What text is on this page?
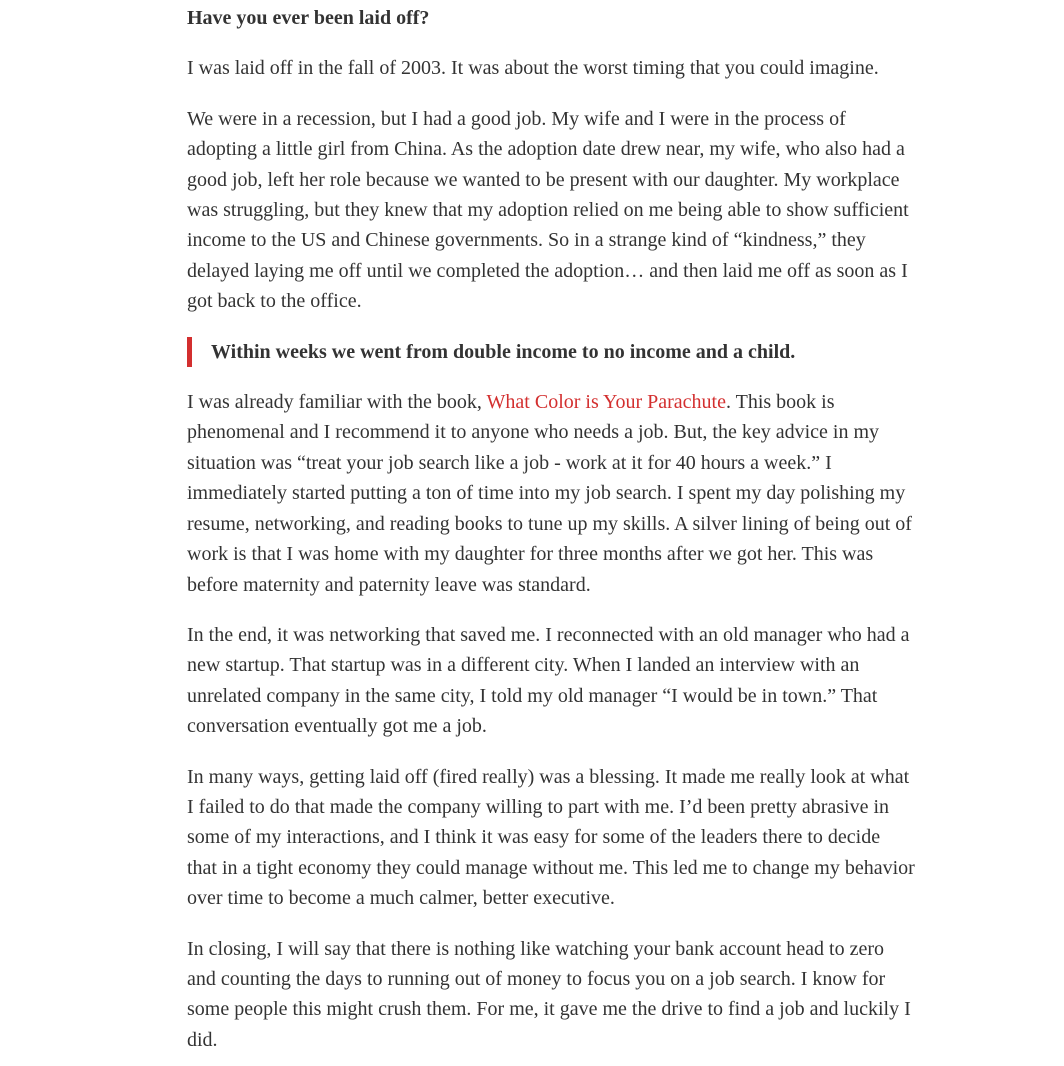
Have you ever been laid off?

I was laid off in the fall of 2003. It was about the worst timing that you could imagine.

We were in a recession, but I had a good job. My wife and I were in the process of adopting a little girl from China. As the adoption date drew near, my wife, who also had a good job, left her role because we wanted to be present with our daughter. My workplace was struggling, but they knew that my adoption relied on me being able to show sufficient income to the US and Chinese governments. So in a strange kind of “kindness,” they delayed laying me off until we completed the adoption… and then laid me off as soon as I got back to the office.

Within weeks we went from double income to no income and a child.

I was already familiar with the book, What Color is Your Parachute. This book is phenomenal and I recommend it to anyone who needs a job. But, the key advice in my situation was “treat your job search like a job - work at it for 40 hours a week.” I immediately started putting a ton of time into my job search. I spent my day polishing my resume, networking, and reading books to tune up my skills. A silver lining of being out of work is that I was home with my daughter for three months after we got her. This was before maternity and paternity leave was standard.

In the end, it was networking that saved me. I reconnected with an old manager who had a new startup. That startup was in a different city. When I landed an interview with an unrelated company in the same city, I told my old manager “I would be in town.” That conversation eventually got me a job.

In many ways, getting laid off (fired really) was a blessing. It made me really look at what I failed to do that made the company willing to part with me. I’d been pretty abrasive in some of my interactions, and I think it was easy for some of the leaders there to decide that in a tight economy they could manage without me. This led me to change my behavior over time to become a much calmer, better executive.

In closing, I will say that there is nothing like watching your bank account head to zero and counting the days to running out of money to focus you on a job search. I know for some people this might crush them. For me, it gave me the drive to find a job and luckily I did.
